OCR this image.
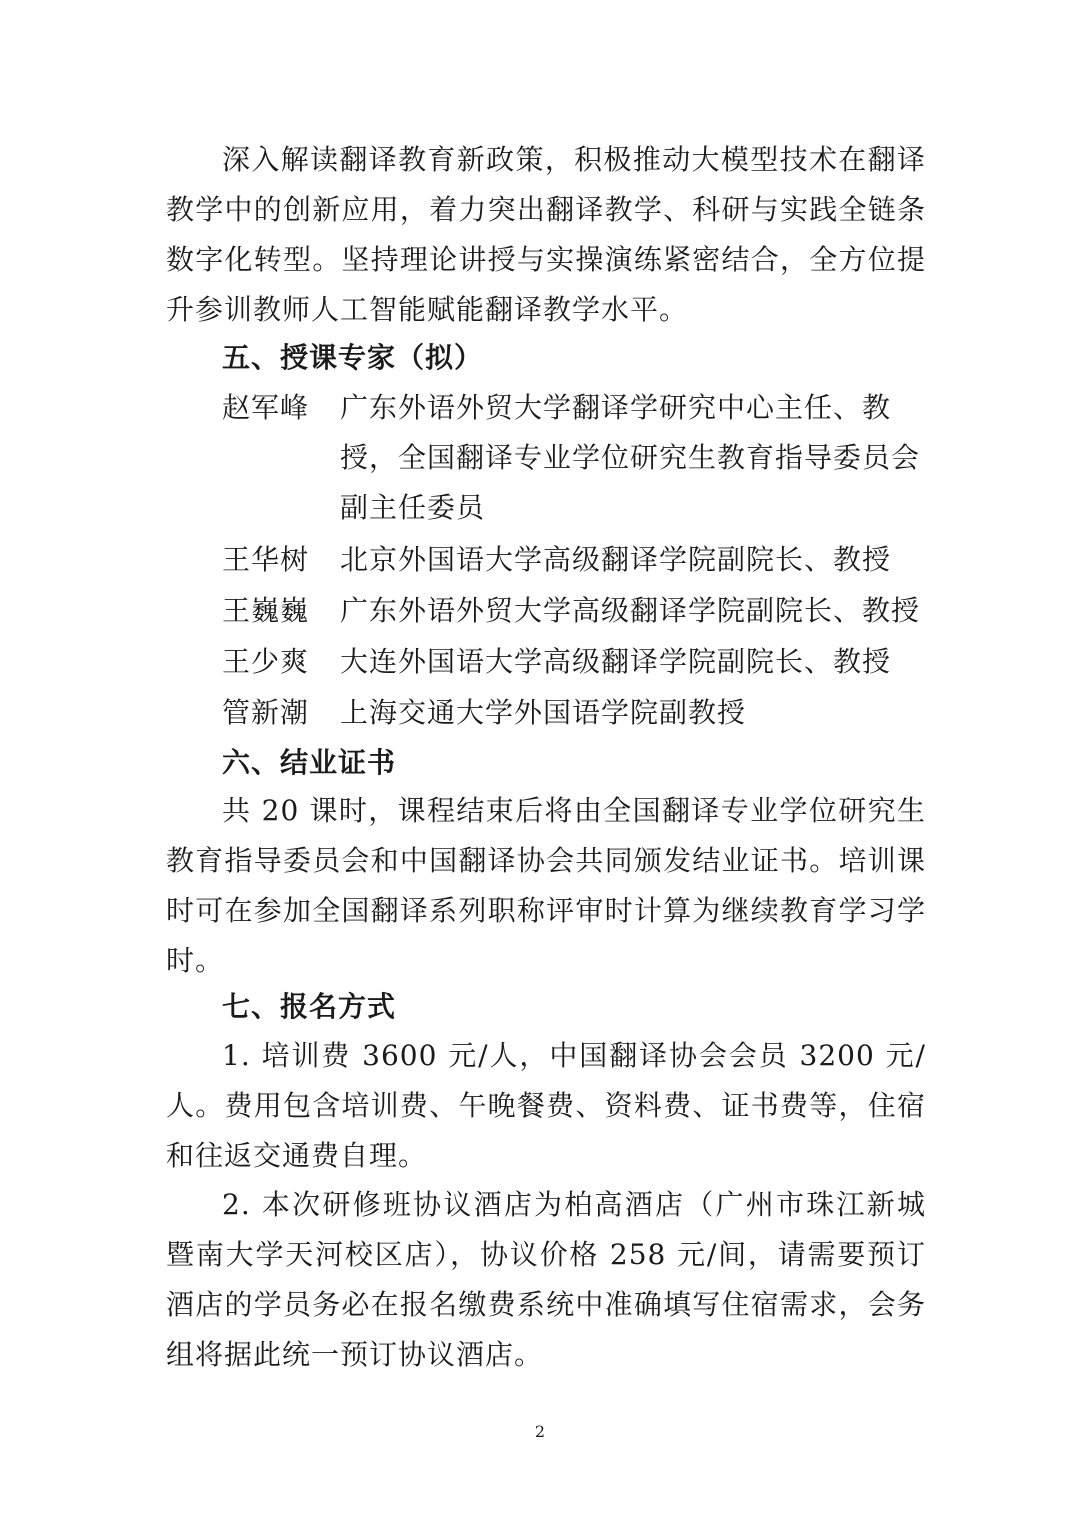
深入解读翻译教育新政策，积极推动大模型技术在翻译教学中的创新应用，着力突出翻译教学、科研与实践全链条数字化转型。坚持理论讲授与实操演练紧密结合，全方位提升参训教师人工智能赋能翻译教学水平。

五、授课专家（拟）
赵军峰	广东外语外贸大学翻译学研究中心主任、教授，全国翻译专业学位研究生教育指导委员会副主任委员
王华树	北京外国语大学高级翻译学院副院长、教授
王巍巍	广东外语外贸大学高级翻译学院副院长、教授
王少爽	大连外国语大学高级翻译学院副院长、教授
管新潮	上海交通大学外国语学院副教授
六、结业证书

共 20 课时，课程结束后将由全国翻译专业学位研究生教育指导委员会和中国翻译协会共同颁发结业证书。培训课时可在参加全国翻译系列职称评审时计算为继续教育学习学时。

七、报名方式

1. 培训费 3600 元/人，中国翻译协会会员 3200 元/人。费用包含培训费、午晚餐费、资料费、证书费等，住宿和往返交通费自理。

2. 本次研修班协议酒店为柏高酒店（广州市珠江新城暨南大学天河校区店），协议价格 258 元/间，请需要预订酒店的学员务必在报名缴费系统中准确填写住宿需求，会务组将据此统一预订协议酒店。

2
